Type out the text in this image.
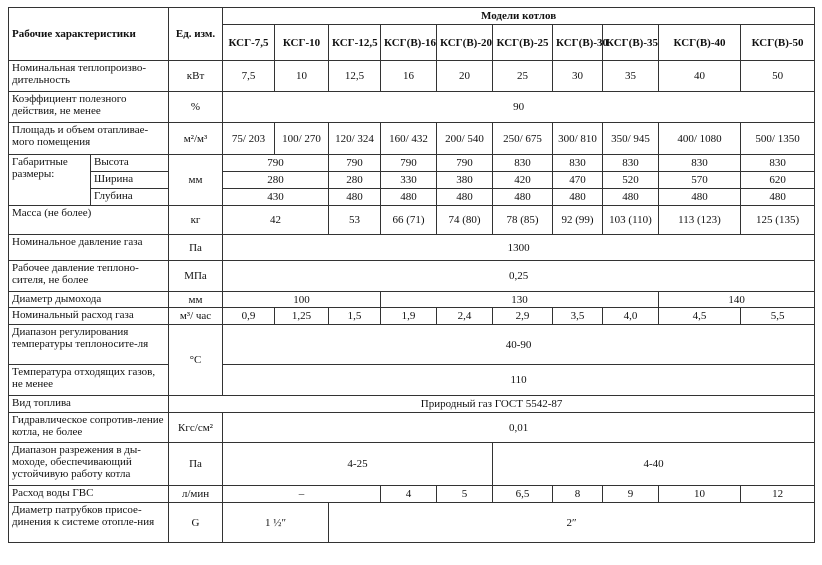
Рабочие характеристики		Ед. изм.	Модели котлов									
			КСГ-7,5	КСГ-10	КСГ-12,5	КСГ(В)-16	КСГ(В)-20	КСГ(В)-25	КСГ(В)-30	КСГ(В)-35	КСГ(В)-40	КСГ(В)-50
Номинальная теплопроизво-дительность		кВт	7,5	10	12,5	16	20	25	30	35	40	50
Коэффициент полезного действия, не менее		%	90									
Площадь и объем отапливае-мого помещения		м²/м³	75/ 203	100/ 270	120/ 324	160/ 432	200/ 540	250/ 675	300/ 810	350/ 945	400/ 1080	500/ 1350
Габаритные размеры:	Высота	мм	790		790	790	790	830	830	830	830	830
	Ширина		280		280	330	380	420	470	520	570	620
	Глубина		430		480	480	480	480	480	480	480	480
Масса (не более)		кг	42		53	66 (71)	74 (80)	78 (85)	92 (99)	103 (110)	113 (123)	125 (135)
Номинальное давление газа		Па	1300									
Рабочее давление теплоно-сителя, не более		МПа	0,25									
Диаметр дымохода		мм	100			130					140	
Номинальный расход газа		м³/ час	0,9	1,25	1,5	1,9	2,4	2,9	3,5	4,0	4,5	5,5
Диапазон регулирования температуры теплоносите-ля		°С	40-90									
Температура отходящих газов, не менее			110									
Вид топлива		Природный газ ГОСТ 5542-87										
Гидравлическое сопротив-ление котла, не более		Кгс/см²	0,01									
Диапазон разрежения в ды-моходе, обеспечивающий устойчивую работу котла		Па	4-25					4-40				
Расход воды ГВС		л/мин	–			4	5	6,5	8	9	10	12
Диаметр патрубков присое-динения к системе отопле-ния		G	1 ½″		2″							
